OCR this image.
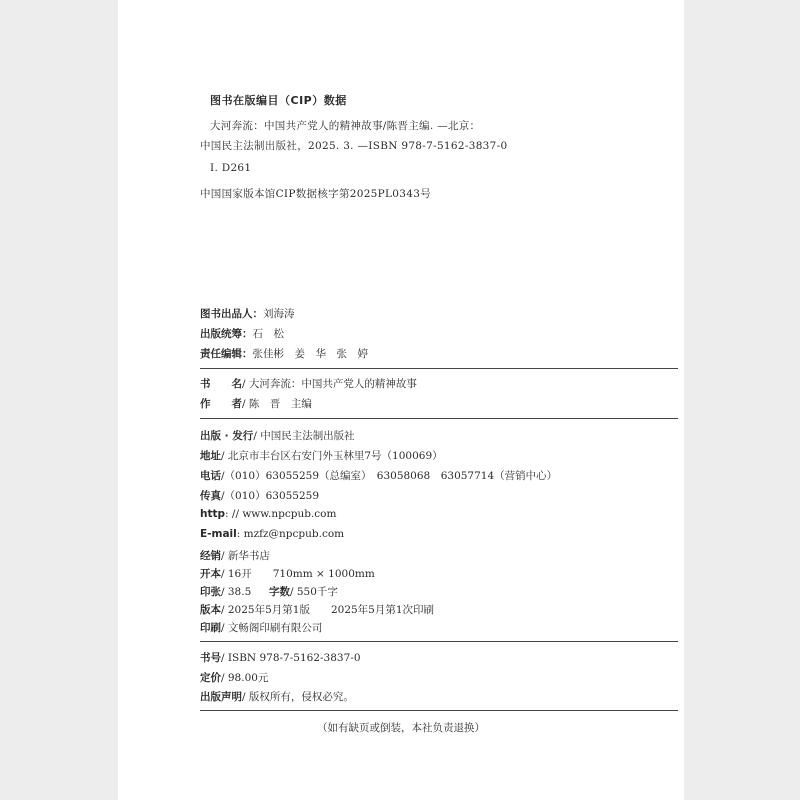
图书在版编目（CIP）数据
大河奔流：中国共产党人的精神故事/陈晋主编. —北京：
中国民主法制出版社，2025. 3. —ISBN 978-7-5162-3837-0
Ⅰ. D261
中国国家版本馆CIP数据核字第2025PL0343号
图书出品人：刘海涛
出版统筹：石　松
责任编辑：张佳彬　姜　华　张　婷
书　　名/ 大河奔流：中国共产党人的精神故事
作　　者/ 陈　晋　主编
出版 · 发行/ 中国民主法制出版社
地址/ 北京市丰台区右安门外玉林里7号（100069）
电话/（010）63055259（总编室）　63058068　63057714（营销中心）
传真/（010）63055259
http: // www.npcpub.com
E-mail: mzfz@npcpub.com
经销/ 新华书店
开本/ 16开　　710mm × 1000mm
印张/ 38.5 字数/ 550千字
版本/ 2025年5月第1版　　2025年5月第1次印刷
印刷/ 文畅阁印刷有限公司
书号/ ISBN 978-7-5162-3837-0
定价/ 98.00元
出版声明/ 版权所有，侵权必究。
（如有缺页或倒装，本社负责退换）
